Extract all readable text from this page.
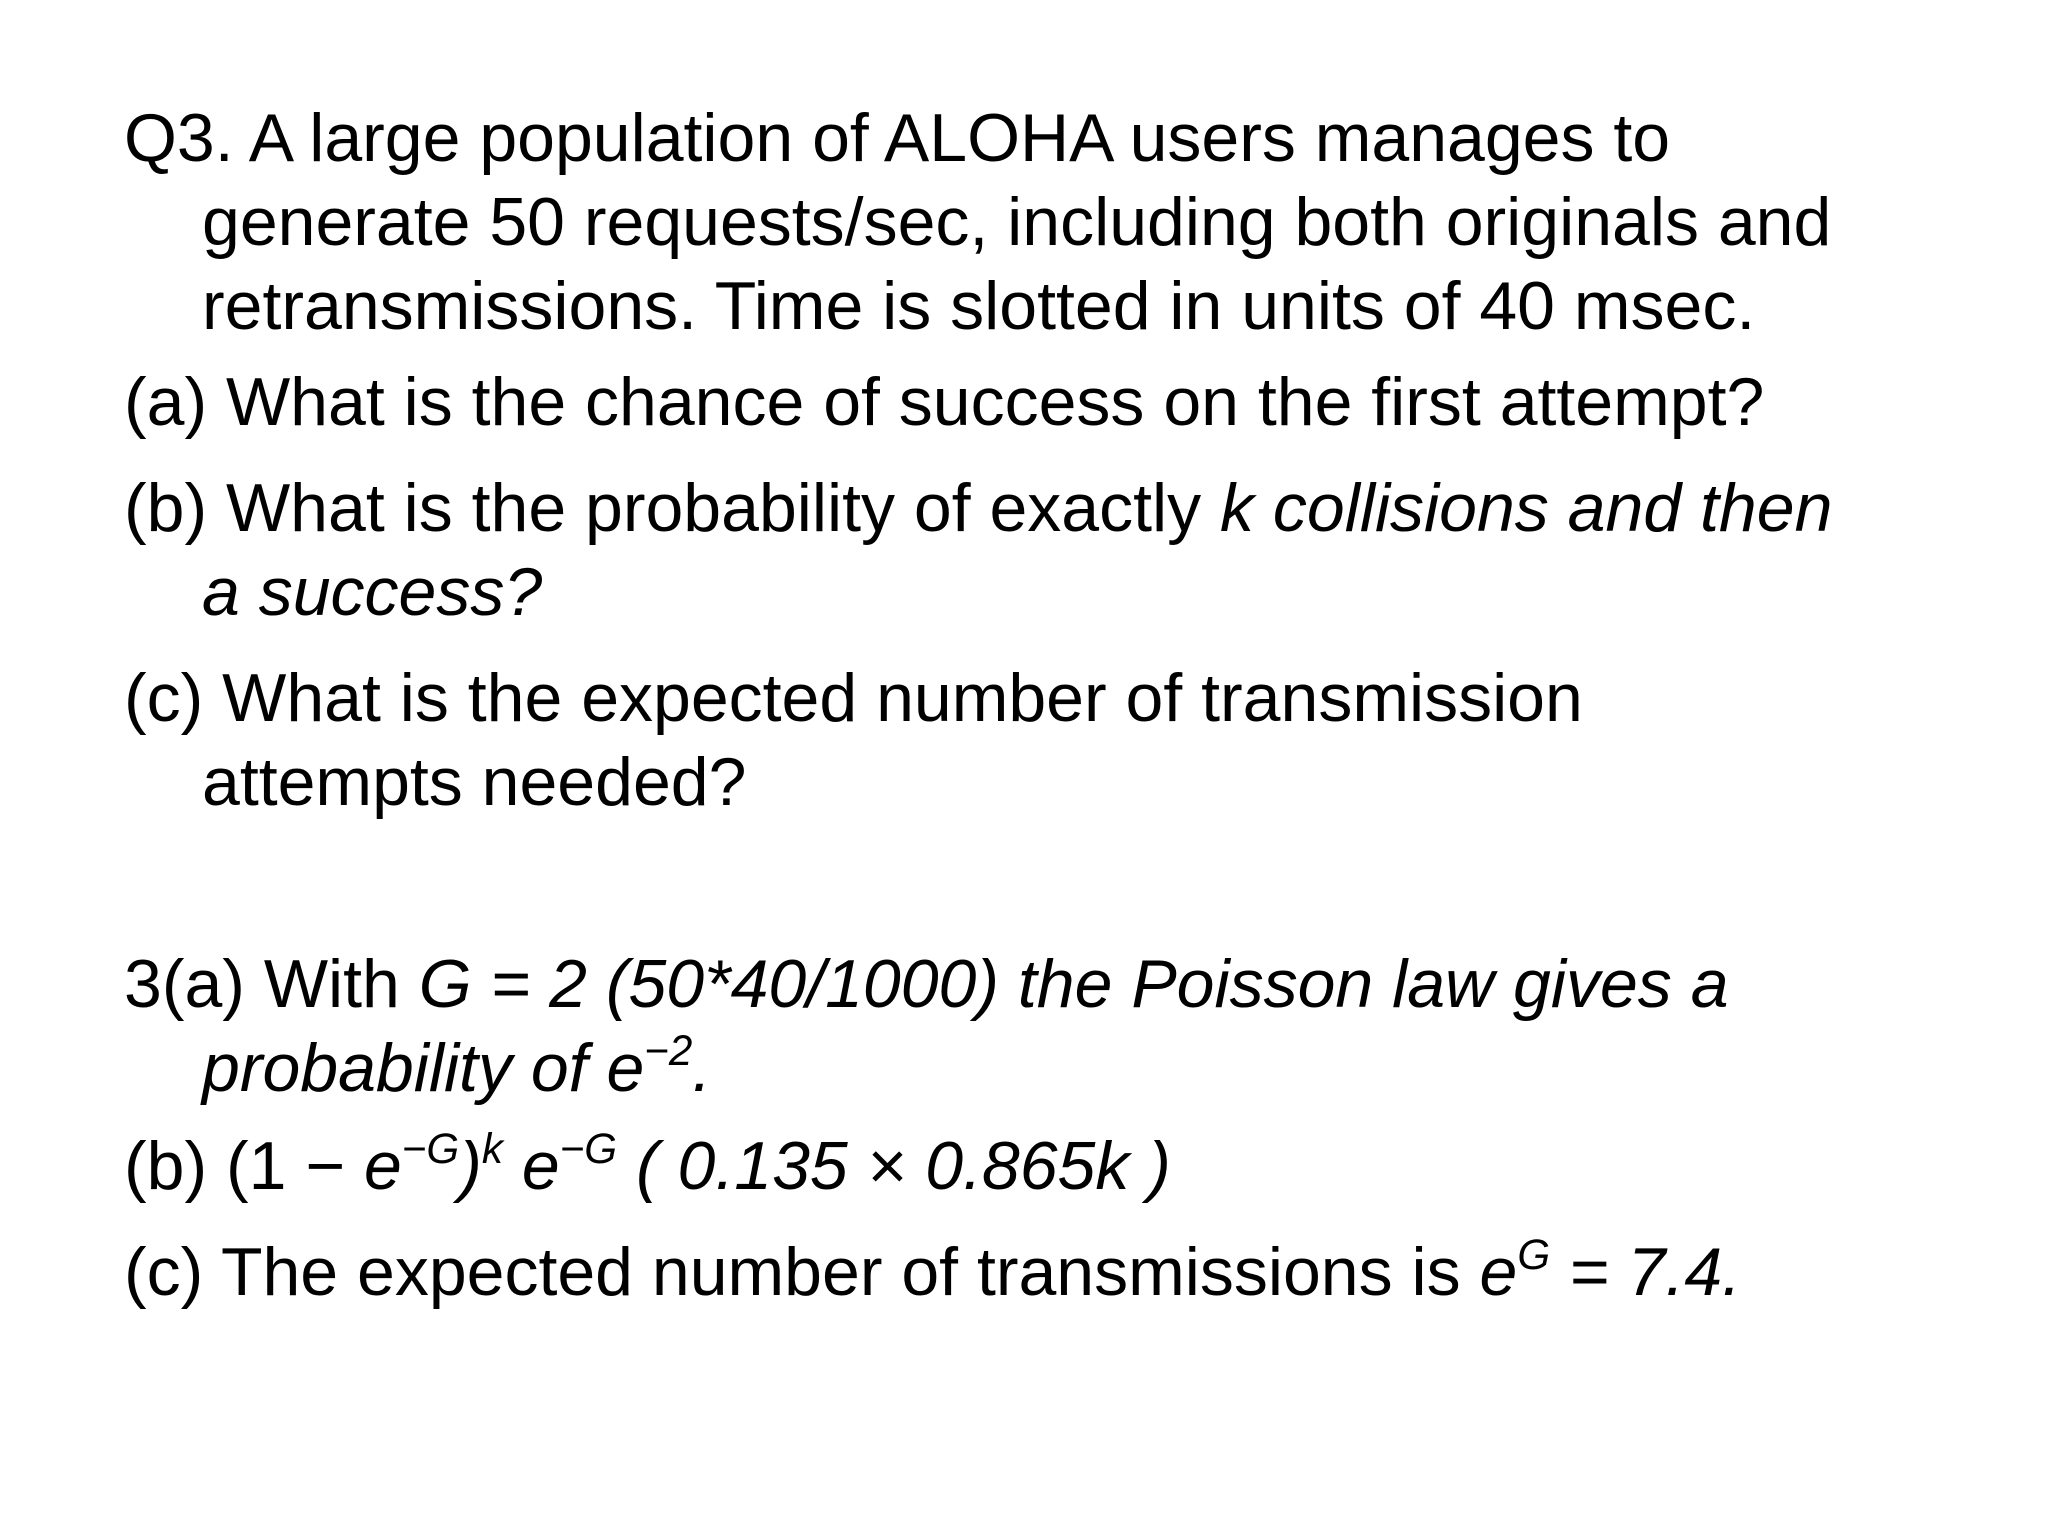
Q3. A large population of ALOHA users manages to
generate 50 requests/sec, including both originals and
retransmissions. Time is slotted in units of 40 msec.
(a) What is the chance of success on the first attempt?
(b) What is the probability of exactly k collisions and then
a success?
(c) What is the expected number of transmission
attempts needed?
3(a) With G = 2 (50*40/1000) the Poisson law gives a
probability of $e^{-2}$.
(b) $(1 - e^{-G})^k$ $e^{-G}$ ( 0.135 × 0.865k )
(c) The expected number of transmissions is $e^G = 7.4$.
